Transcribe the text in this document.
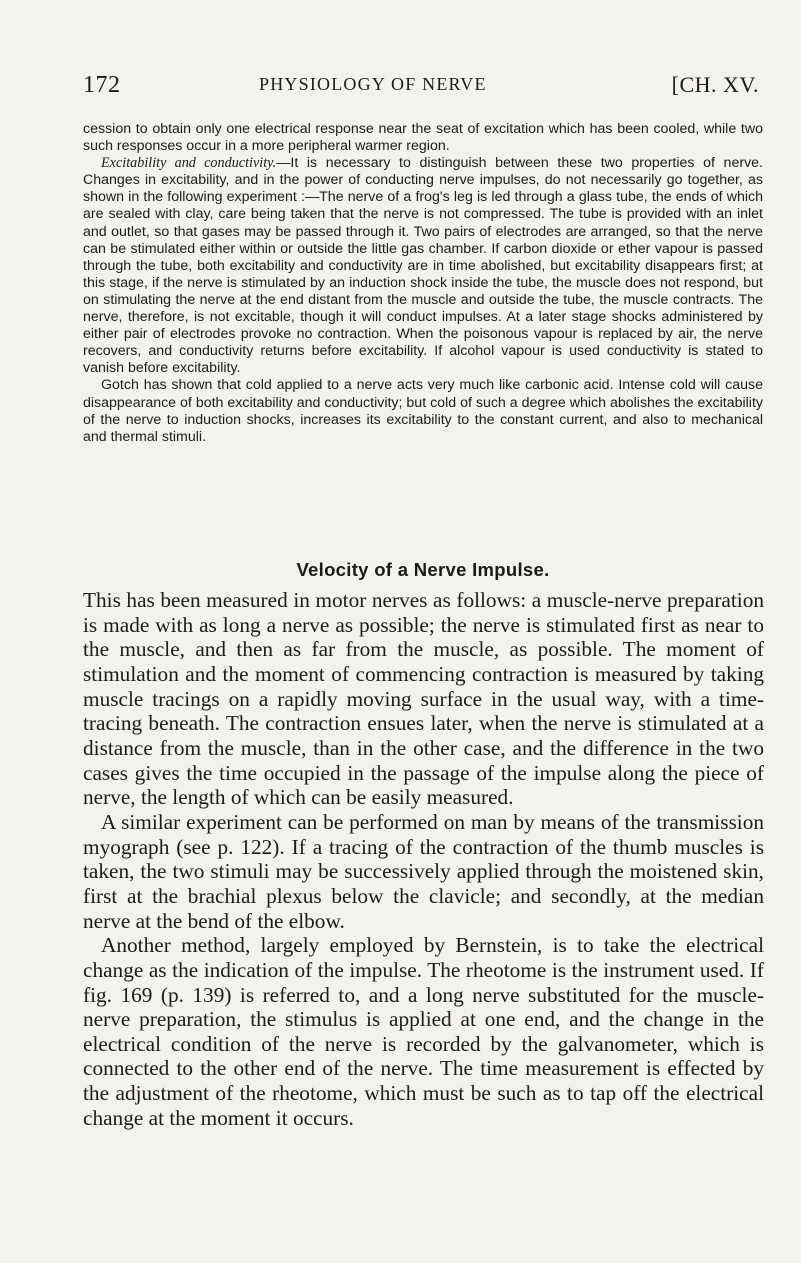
172	PHYSIOLOGY OF NERVE	[CH. XV.

cession to obtain only one electrical response near the seat of excitation which has been cooled, while two such responses occur in a more peripheral warmer region.

Excitability and conductivity.—It is necessary to distinguish between these two properties of nerve. Changes in excitability, and in the power of conducting nerve impulses, do not necessarily go together, as shown in the following experiment :—The nerve of a frog's leg is led through a glass tube, the ends of which are sealed with clay, care being taken that the nerve is not compressed. The tube is provided with an inlet and outlet, so that gases may be passed through it. Two pairs of electrodes are arranged, so that the nerve can be stimulated either within or outside the little gas chamber. If carbon dioxide or ether vapour is passed through the tube, both excitability and conductivity are in time abolished, but excitability disappears first; at this stage, if the nerve is stimulated by an induction shock inside the tube, the muscle does not respond, but on stimulating the nerve at the end distant from the muscle and outside the tube, the muscle contracts. The nerve, therefore, is not excitable, though it will conduct impulses. At a later stage shocks administered by either pair of electrodes provoke no contraction. When the poisonous vapour is replaced by air, the nerve recovers, and conductivity returns before excitability. If alcohol vapour is used conductivity is stated to vanish before excitability.

Gotch has shown that cold applied to a nerve acts very much like carbonic acid. Intense cold will cause disappearance of both excitability and conductivity; but cold of such a degree which abolishes the excitability of the nerve to induction shocks, increases its excitability to the constant current, and also to mechanical and thermal stimuli.

Velocity of a Nerve Impulse.

This has been measured in motor nerves as follows: a muscle-nerve preparation is made with as long a nerve as possible; the nerve is stimulated first as near to the muscle, and then as far from the muscle, as possible. The moment of stimulation and the moment of commencing contraction is measured by taking muscle tracings on a rapidly moving surface in the usual way, with a time-tracing beneath. The contraction ensues later, when the nerve is stimulated at a distance from the muscle, than in the other case, and the difference in the two cases gives the time occupied in the passage of the impulse along the piece of nerve, the length of which can be easily measured.

A similar experiment can be performed on man by means of the transmission myograph (see p. 122). If a tracing of the contraction of the thumb muscles is taken, the two stimuli may be successively applied through the moistened skin, first at the brachial plexus below the clavicle; and secondly, at the median nerve at the bend of the elbow.

Another method, largely employed by Bernstein, is to take the electrical change as the indication of the impulse. The rheotome is the instrument used. If fig. 169 (p. 139) is referred to, and a long nerve substituted for the muscle-nerve preparation, the stimulus is applied at one end, and the change in the electrical condition of the nerve is recorded by the galvanometer, which is connected to the other end of the nerve. The time measurement is effected by the adjustment of the rheotome, which must be such as to tap off the electrical change at the moment it occurs.
